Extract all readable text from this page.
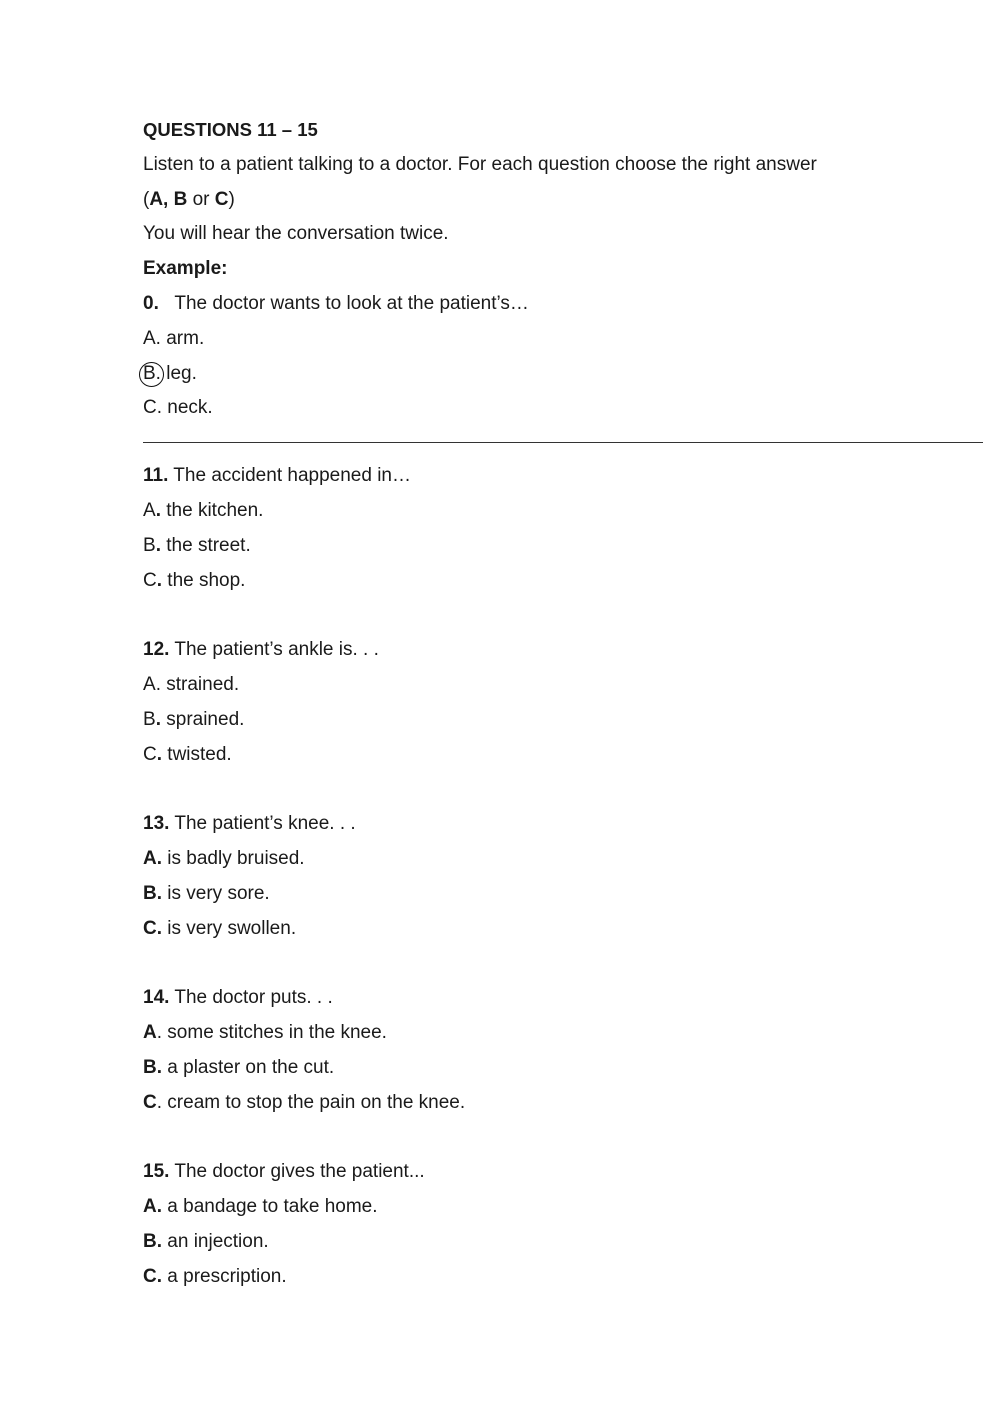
QUESTIONS 11 – 15
Listen to a patient talking to a doctor. For each question choose the right answer
(A, B or C)
You will hear the conversation twice.
Example:
0.   The doctor wants to look at the patient’s…
A. arm.
B. leg.
C. neck.
11. The accident happened in…
A. the kitchen.
B. the street.
C. the shop.
12. The patient’s ankle is. . .
A. strained.
B. sprained.
C. twisted.
13. The patient’s knee. . .
A. is badly bruised.
B. is very sore.
C. is very swollen.
14. The doctor puts. . .
A. some stitches in the knee.
B. a plaster on the cut.
C. cream to stop the pain on the knee.
15. The doctor gives the patient...
A. a bandage to take home.
B. an injection.
C. a prescription.
